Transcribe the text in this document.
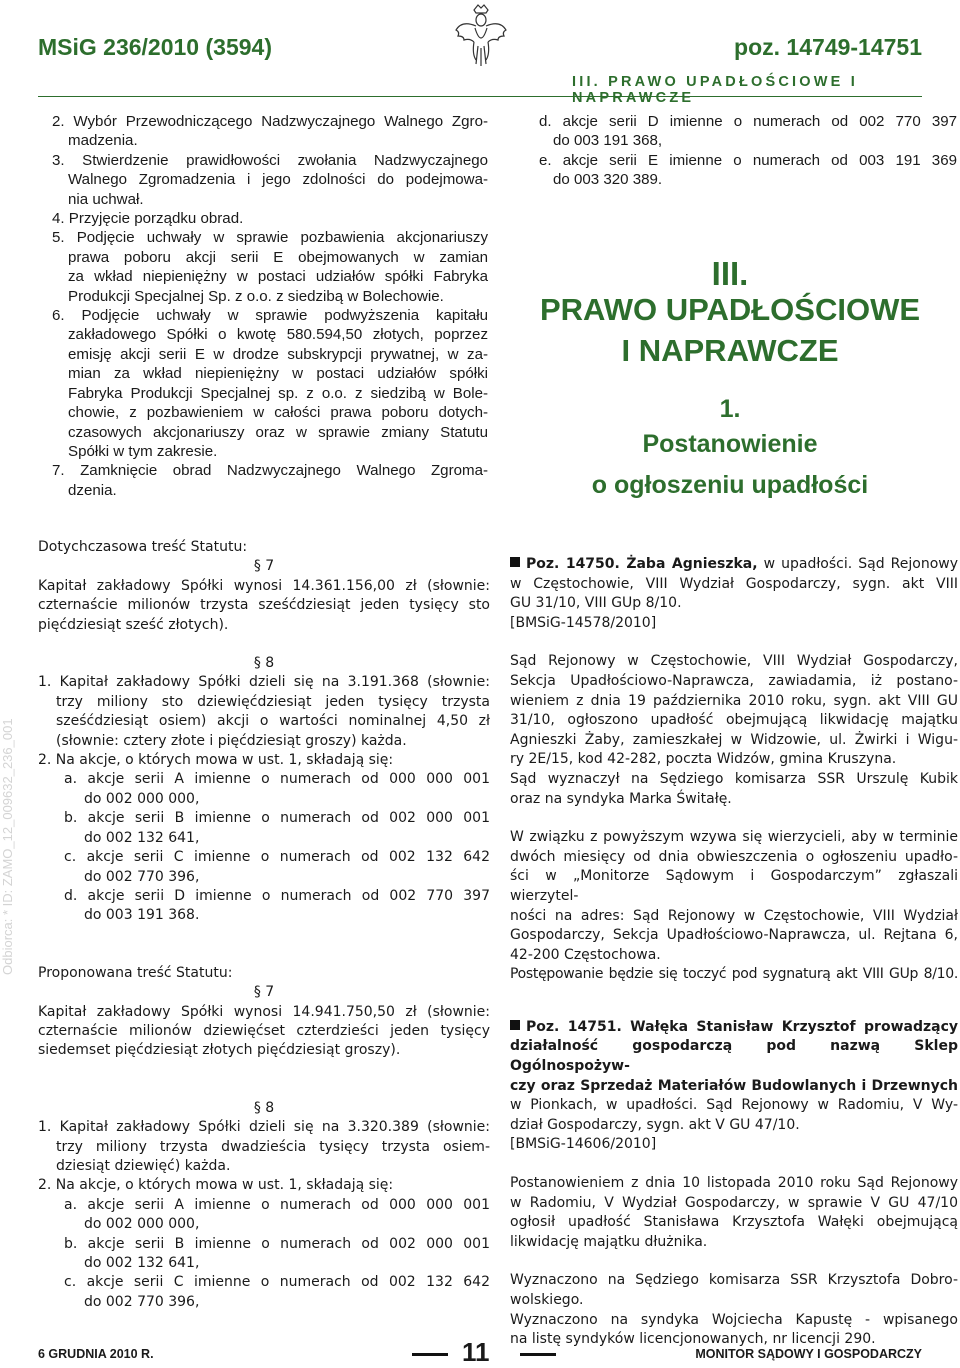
MSiG 236/2010 (3594)	poz. 14749-14751
III. PRAWO UPADŁOŚCIOWE I NAPRAWCZE
2. Wybór Przewodniczącego Nadzwyczajnego Walnego Zgro-
madzenia.
3. Stwierdzenie prawidłowości zwołania Nadzwyczajnego
Walnego Zgromadzenia i jego zdolności do podejmowa-
nia uchwał.
4. Przyjęcie porządku obrad.
5. Podjęcie uchwały w sprawie pozbawienia akcjonariuszy
prawa poboru akcji serii E obejmowanych w zamian
za wkład niepieniężny w postaci udziałów spółki Fabryka
Produkcji Specjalnej Sp. z o.o. z siedzibą w Bolechowie.
6. Podjęcie uchwały w sprawie podwyższenia kapitału
zakładowego Spółki o kwotę 580.594,50 złotych, poprzez
emisję akcji serii E w drodze subskrypcji prywatnej, w za-
mian za wkład niepieniężny w postaci udziałów spółki
Fabryka Produkcji Specjalnej sp. z o.o. z siedzibą w Bole-
chowie, z pozbawieniem w całości prawa poboru dotych-
czasowych akcjonariuszy oraz w sprawie zmiany Statutu
Spółki w tym zakresie.
7. Zamknięcie obrad Nadzwyczajnego Walnego Zgroma-
dzenia.
d. akcje serii D imienne o numerach od 002 770 397
do 003 191 368,
e. akcje serii E imienne o numerach od 003 191 369
do 003 320 389.
III.
PRAWO UPADŁOŚCIOWE
I NAPRAWCZE
1.
Postanowienie
o ogłoszeniu upadłości
Odbiorca: * ID: ZAMO_12_009632_236_001
Dotychczasowa treść Statutu:
§ 7
Kapitał zakładowy Spółki wynosi 14.361.156,00 zł (słownie:
czternaście milionów trzysta sześćdziesiąt jeden tysięcy sto
pięćdziesiąt sześć złotych).
§ 8
1. Kapitał zakładowy Spółki dzieli się na 3.191.368 (słownie:
trzy miliony sto dziewięćdziesiąt jeden tysięcy trzysta
sześćdziesiąt osiem) akcji o wartości nominalnej 4,50 zł
(słownie: cztery złote i pięćdziesiąt groszy) każda.
2. Na akcje, o których mowa w ust. 1, składają się:
a. akcje serii A imienne o numerach od 000 000 001
do 002 000 000,
b. akcje serii B imienne o numerach od 002 000 001
do 002 132 641,
c. akcje serii C imienne o numerach od 002 132 642
do 002 770 396,
d. akcje serii D imienne o numerach od 002 770 397
do 003 191 368.
Proponowana treść Statutu:
§ 7
Kapitał zakładowy Spółki wynosi 14.941.750,50 zł (słownie:
czternaście milionów dziewięćset czterdzieści jeden tysięcy
siedemset pięćdziesiąt złotych pięćdziesiąt groszy).
§ 8
1. Kapitał zakładowy Spółki dzieli się na 3.320.389 (słownie:
trzy miliony trzysta dwadzieścia tysięcy trzysta osiem-
dziesiąt dziewięć) każda.
2. Na akcje, o których mowa w ust. 1, składają się:
a. akcje serii A imienne o numerach od 000 000 001
do 002 000 000,
b. akcje serii B imienne o numerach od 002 000 001
do 002 132 641,
c. akcje serii C imienne o numerach od 002 132 642
do 002 770 396,
Poz. 14750. Żaba Agnieszka, w upadłości. Sąd Rejonowy
w Częstochowie, VIII Wydział Gospodarczy, sygn. akt VIII
GU 31/10, VIII GUp 8/10.
[BMSiG-14578/2010]
Sąd Rejonowy w Częstochowie, VIII Wydział Gospodarczy,
Sekcja Upadłościowo-Naprawcza, zawiadamia, iż postano-
wieniem z dnia 19 października 2010 roku, sygn. akt VIII GU
31/10, ogłoszono upadłość obejmującą likwidację majątku
Agnieszki Żaby, zamieszkałej w Widzowie, ul. Żwirki i Wigu-
ry 2E/15, kod 42-282, poczta Widzów, gmina Kruszyna.
Sąd wyznaczył na Sędziego komisarza SSR Urszulę Kubik
oraz na syndyka Marka Świtałę.
W związku z powyższym wzywa się wierzycieli, aby w terminie
dwóch miesięcy od dnia obwieszczenia o ogłoszeniu upadło-
ści w „Monitorze Sądowym i Gospodarczym” zgłaszali wierzytel-
ności na adres: Sąd Rejonowy w Częstochowie, VIII Wydział
Gospodarczy, Sekcja Upadłościowo-Naprawcza, ul. Rejtana 6,
42-200 Częstochowa.
Postępowanie będzie się toczyć pod sygnaturą akt VIII GUp 8/10.
Poz. 14751. Wałęka Stanisław Krzysztof prowadzący
działalność gospodarczą pod nazwą Sklep Ogólnospożyw-
czy oraz Sprzedaż Materiałów Budowlanych i Drzewnych
w Pionkach, w upadłości. Sąd Rejonowy w Radomiu, V Wy-
dział Gospodarczy, sygn. akt V GU 47/10.
[BMSiG-14606/2010]
Postanowieniem z dnia 10 listopada 2010 roku Sąd Rejonowy
w Radomiu, V Wydział Gospodarczy, w sprawie V GU 47/10
ogłosił upadłość Stanisława Krzysztofa Wałęki obejmującą
likwidację majątku dłużnika.
Wyznaczono na Sędziego komisarza SSR Krzysztofa Dobro-
wolskiego.
Wyznaczono na syndyka Wojciecha Kapustę - wpisanego
na listę syndyków licencjonowanych, nr licencji 290.
6 GRUDNIA 2010 R.	11	MONITOR SĄDOWY I GOSPODARCZY
